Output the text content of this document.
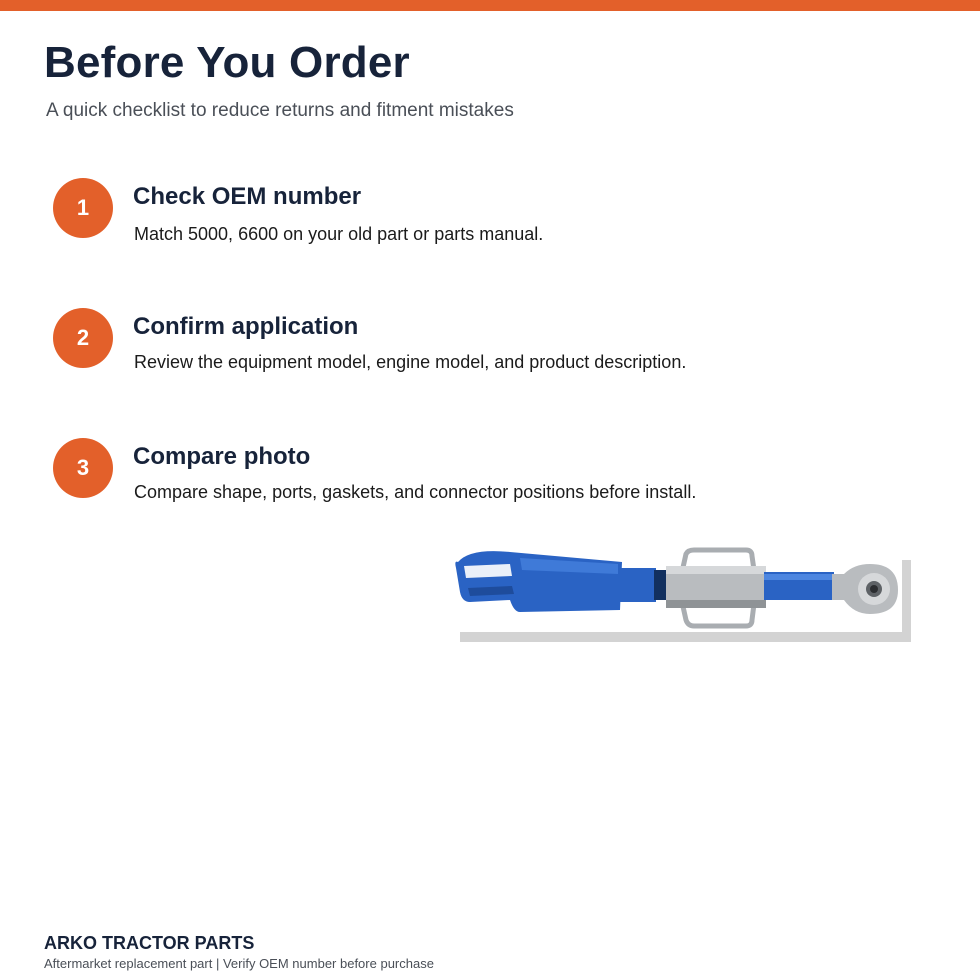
Before You Order

A quick checklist to reduce returns and fitment mistakes

1	Check OEM number

Match 5000, 6600 on your old part or parts manual.

2	Confirm application

Review the equipment model, engine model, and product description.

3	Compare photo

Compare shape, ports, gaskets, and connector positions before install.

ARKO TRACTOR PARTS

Aftermarket replacement part | Verify OEM number before purchase
